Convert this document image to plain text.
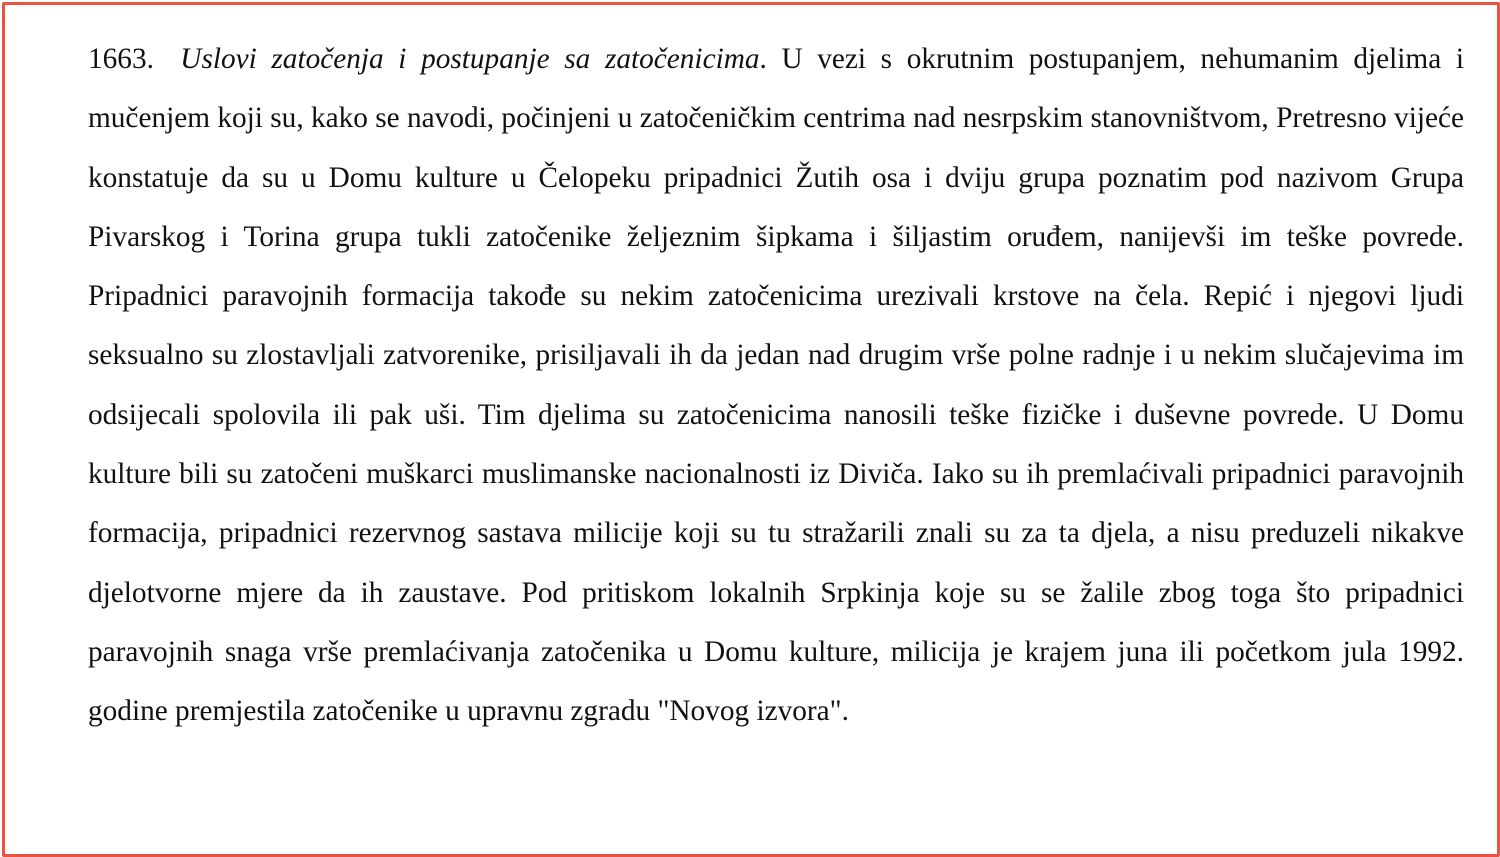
1663. Uslovi zatočenja i postupanje sa zatočenicima. U vezi s okrutnim postupanjem, nehumanim djelima i mučenjem koji su, kako se navodi, počinjeni u zatočeničkim centrima nad nesrpskim stanovništvom, Pretresno vijeće konstatuje da su u Domu kulture u Čelopeku pripadnici Žutih osa i dviju grupa poznatim pod nazivom Grupa Pivarskog i Torina grupa tukli zatočenike željeznim šipkama i šiljastim oruđem, nanijevši im teške povrede. Pripadnici paravojnih formacija takođe su nekim zatočenicima urezivali krstove na čela. Repić i njegovi ljudi seksualno su zlostavljali zatvorenike, prisiljavali ih da jedan nad drugim vrše polne radnje i u nekim slučajevima im odsijecali spolovila ili pak uši. Tim djelima su zatočenicima nanosili teške fizičke i duševne povrede. U Domu kulture bili su zatočeni muškarci muslimanske nacionalnosti iz Diviča. Iako su ih premlaćivali pripadnici paravojnih formacija, pripadnici rezervnog sastava milicije koji su tu stražarili znali su za ta djela, a nisu preduzeli nikakve djelotvorne mjere da ih zaustave. Pod pritiskom lokalnih Srpkinja koje su se žalile zbog toga što pripadnici paravojnih snaga vrše premlaćivanja zatočenika u Domu kulture, milicija je krajem juna ili početkom jula 1992. godine premjestila zatočenike u upravnu zgradu "Novog izvora".
